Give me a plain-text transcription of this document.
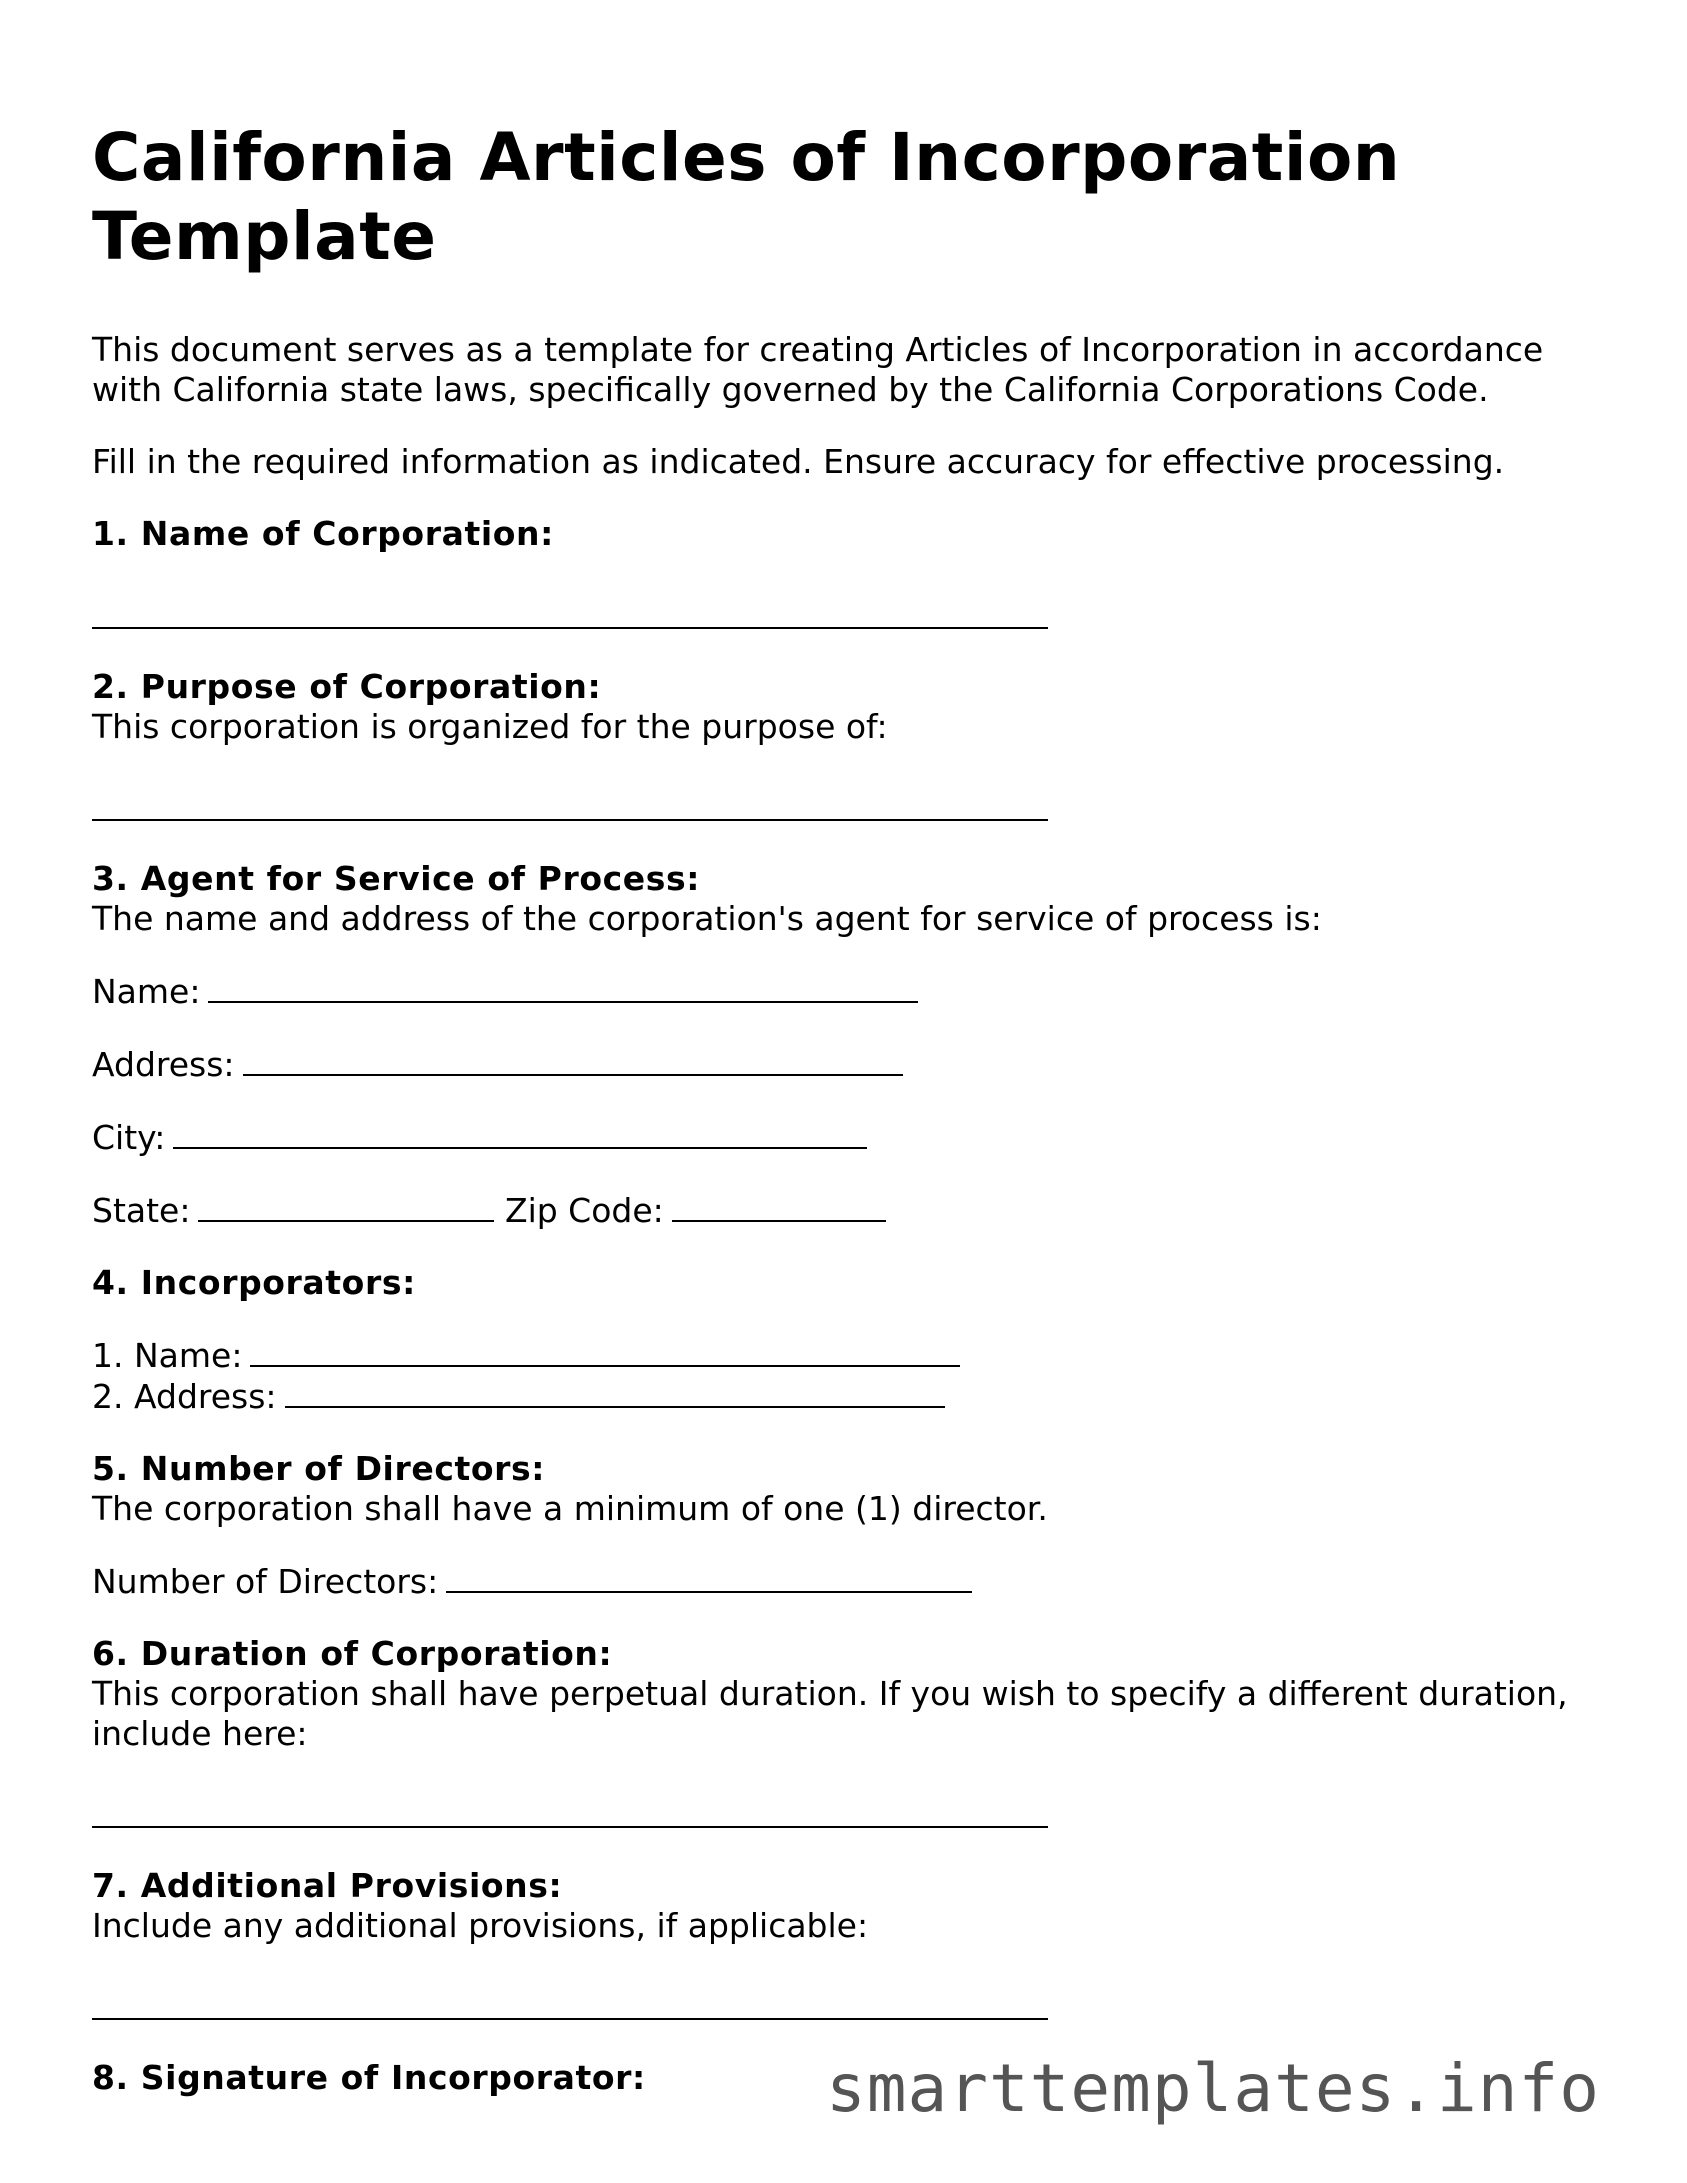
California Articles of Incorporation Template

This document serves as a template for creating Articles of Incorporation in accordance with California state laws, specifically governed by the California Corporations Code.

Fill in the required information as indicated. Ensure accuracy for effective processing.

1. Name of Corporation:
2. Purpose of Corporation:
This corporation is organized for the purpose of:
3. Agent for Service of Process:
The name and address of the corporation's agent for service of process is:
Name:
Address:
City:
State:	Zip Code:
4. Incorporators:
1. Name:
2. Address:
5. Number of Directors:
The corporation shall have a minimum of one (1) director.
Number of Directors:
6. Duration of Corporation:
This corporation shall have perpetual duration. If you wish to specify a different duration, include here:
7. Additional Provisions:
Include any additional provisions, if applicable:
8. Signature of Incorporator:	smarttemplates.info
